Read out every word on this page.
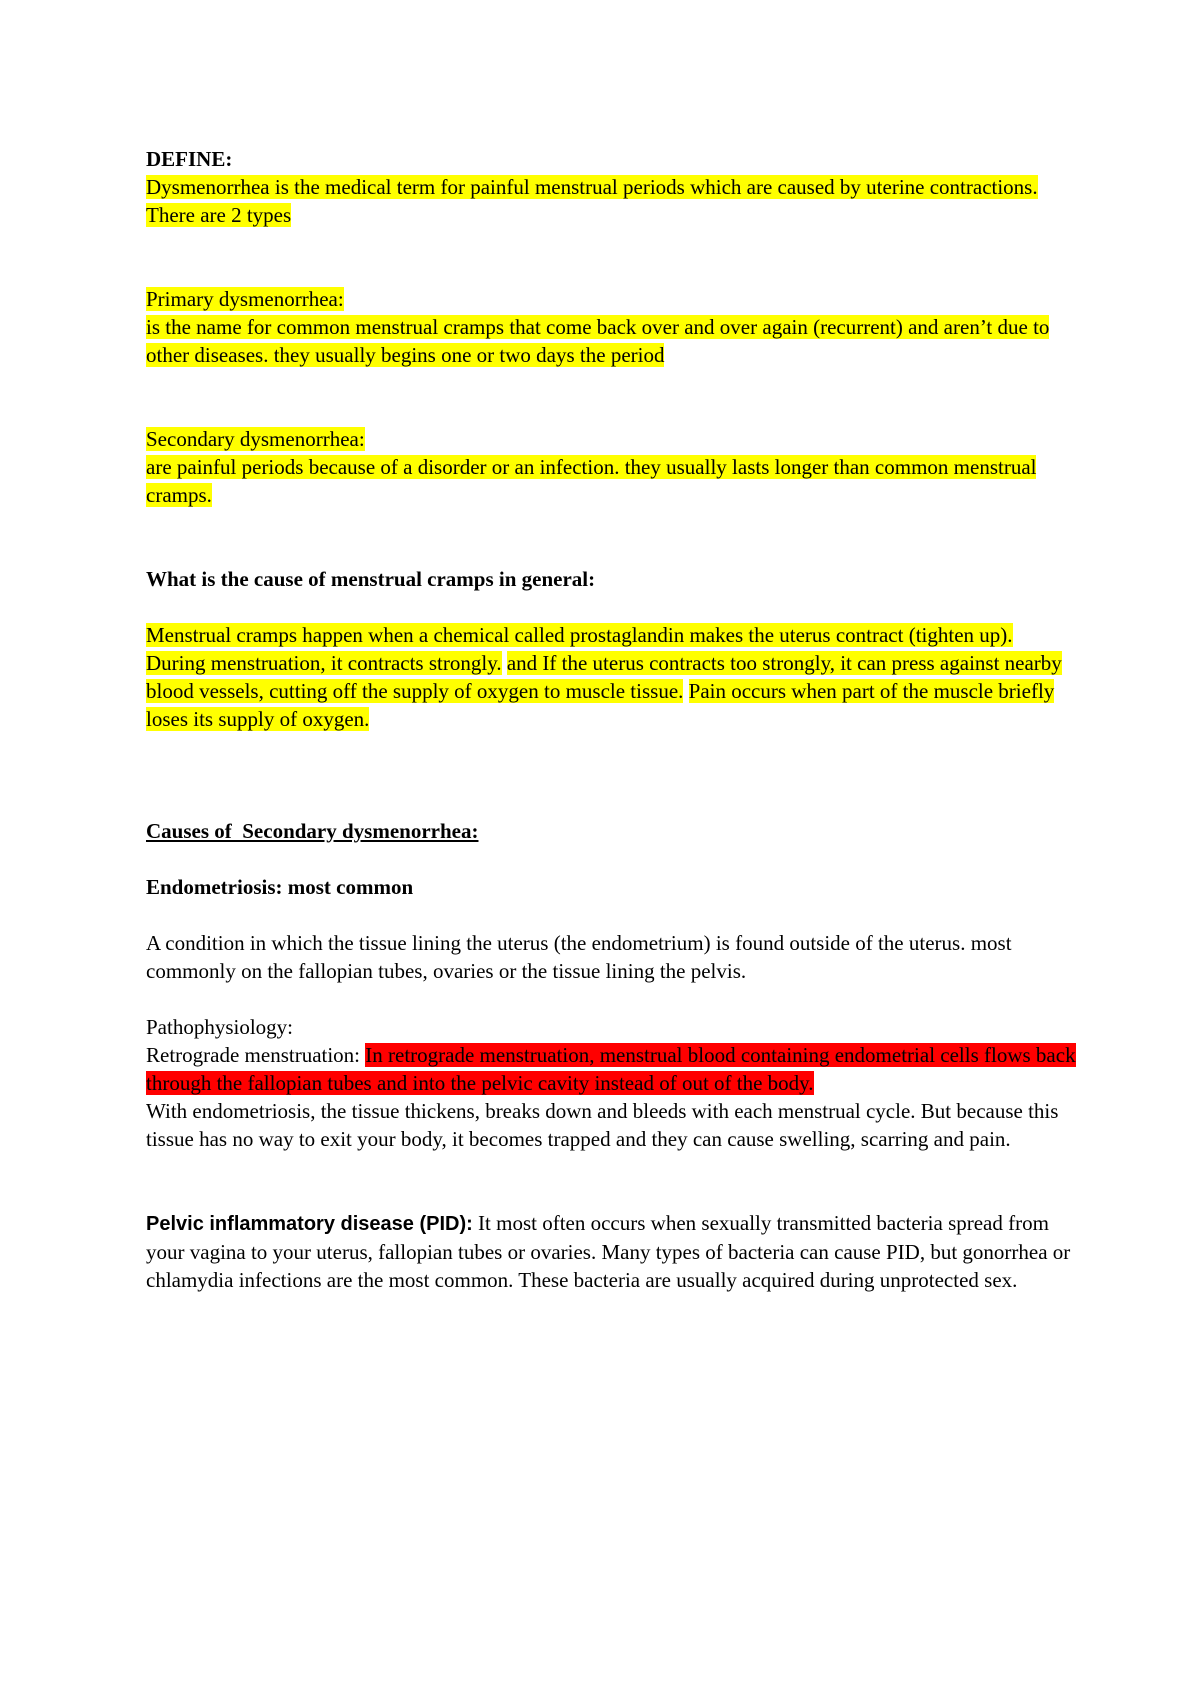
DEFINE:

Dysmenorrhea is the medical term for painful menstrual periods which are caused by uterine contractions. There are 2 types

Primary dysmenorrhea:

is the name for common menstrual cramps that come back over and over again (recurrent) and aren’t due to other diseases. they usually begins one or two days the period

Secondary dysmenorrhea:

are painful periods because of a disorder or an infection. they usually lasts longer than common menstrual cramps.

What is the cause of menstrual cramps in general:

Menstrual cramps happen when a chemical called prostaglandin makes the uterus contract (tighten up). During menstruation, it contracts strongly. and If the uterus contracts too strongly, it can press against nearby blood vessels, cutting off the supply of oxygen to muscle tissue. Pain occurs when part of the muscle briefly loses its supply of oxygen.

Causes of  Secondary dysmenorrhea:

Endometriosis: most common

A condition in which the tissue lining the uterus (the endometrium) is found outside of the uterus. most commonly on the fallopian tubes, ovaries or the tissue lining the pelvis.

Pathophysiology:

Retrograde menstruation: In retrograde menstruation, menstrual blood containing endometrial cells flows back through the fallopian tubes and into the pelvic cavity instead of out of the body.

With endometriosis, the tissue thickens, breaks down and bleeds with each menstrual cycle. But because this tissue has no way to exit your body, it becomes trapped and they can cause swelling, scarring and pain.

Pelvic inflammatory disease (PID): It most often occurs when sexually transmitted bacteria spread from your vagina to your uterus, fallopian tubes or ovaries. Many types of bacteria can cause PID, but gonorrhea or chlamydia infections are the most common. These bacteria are usually acquired during unprotected sex.
